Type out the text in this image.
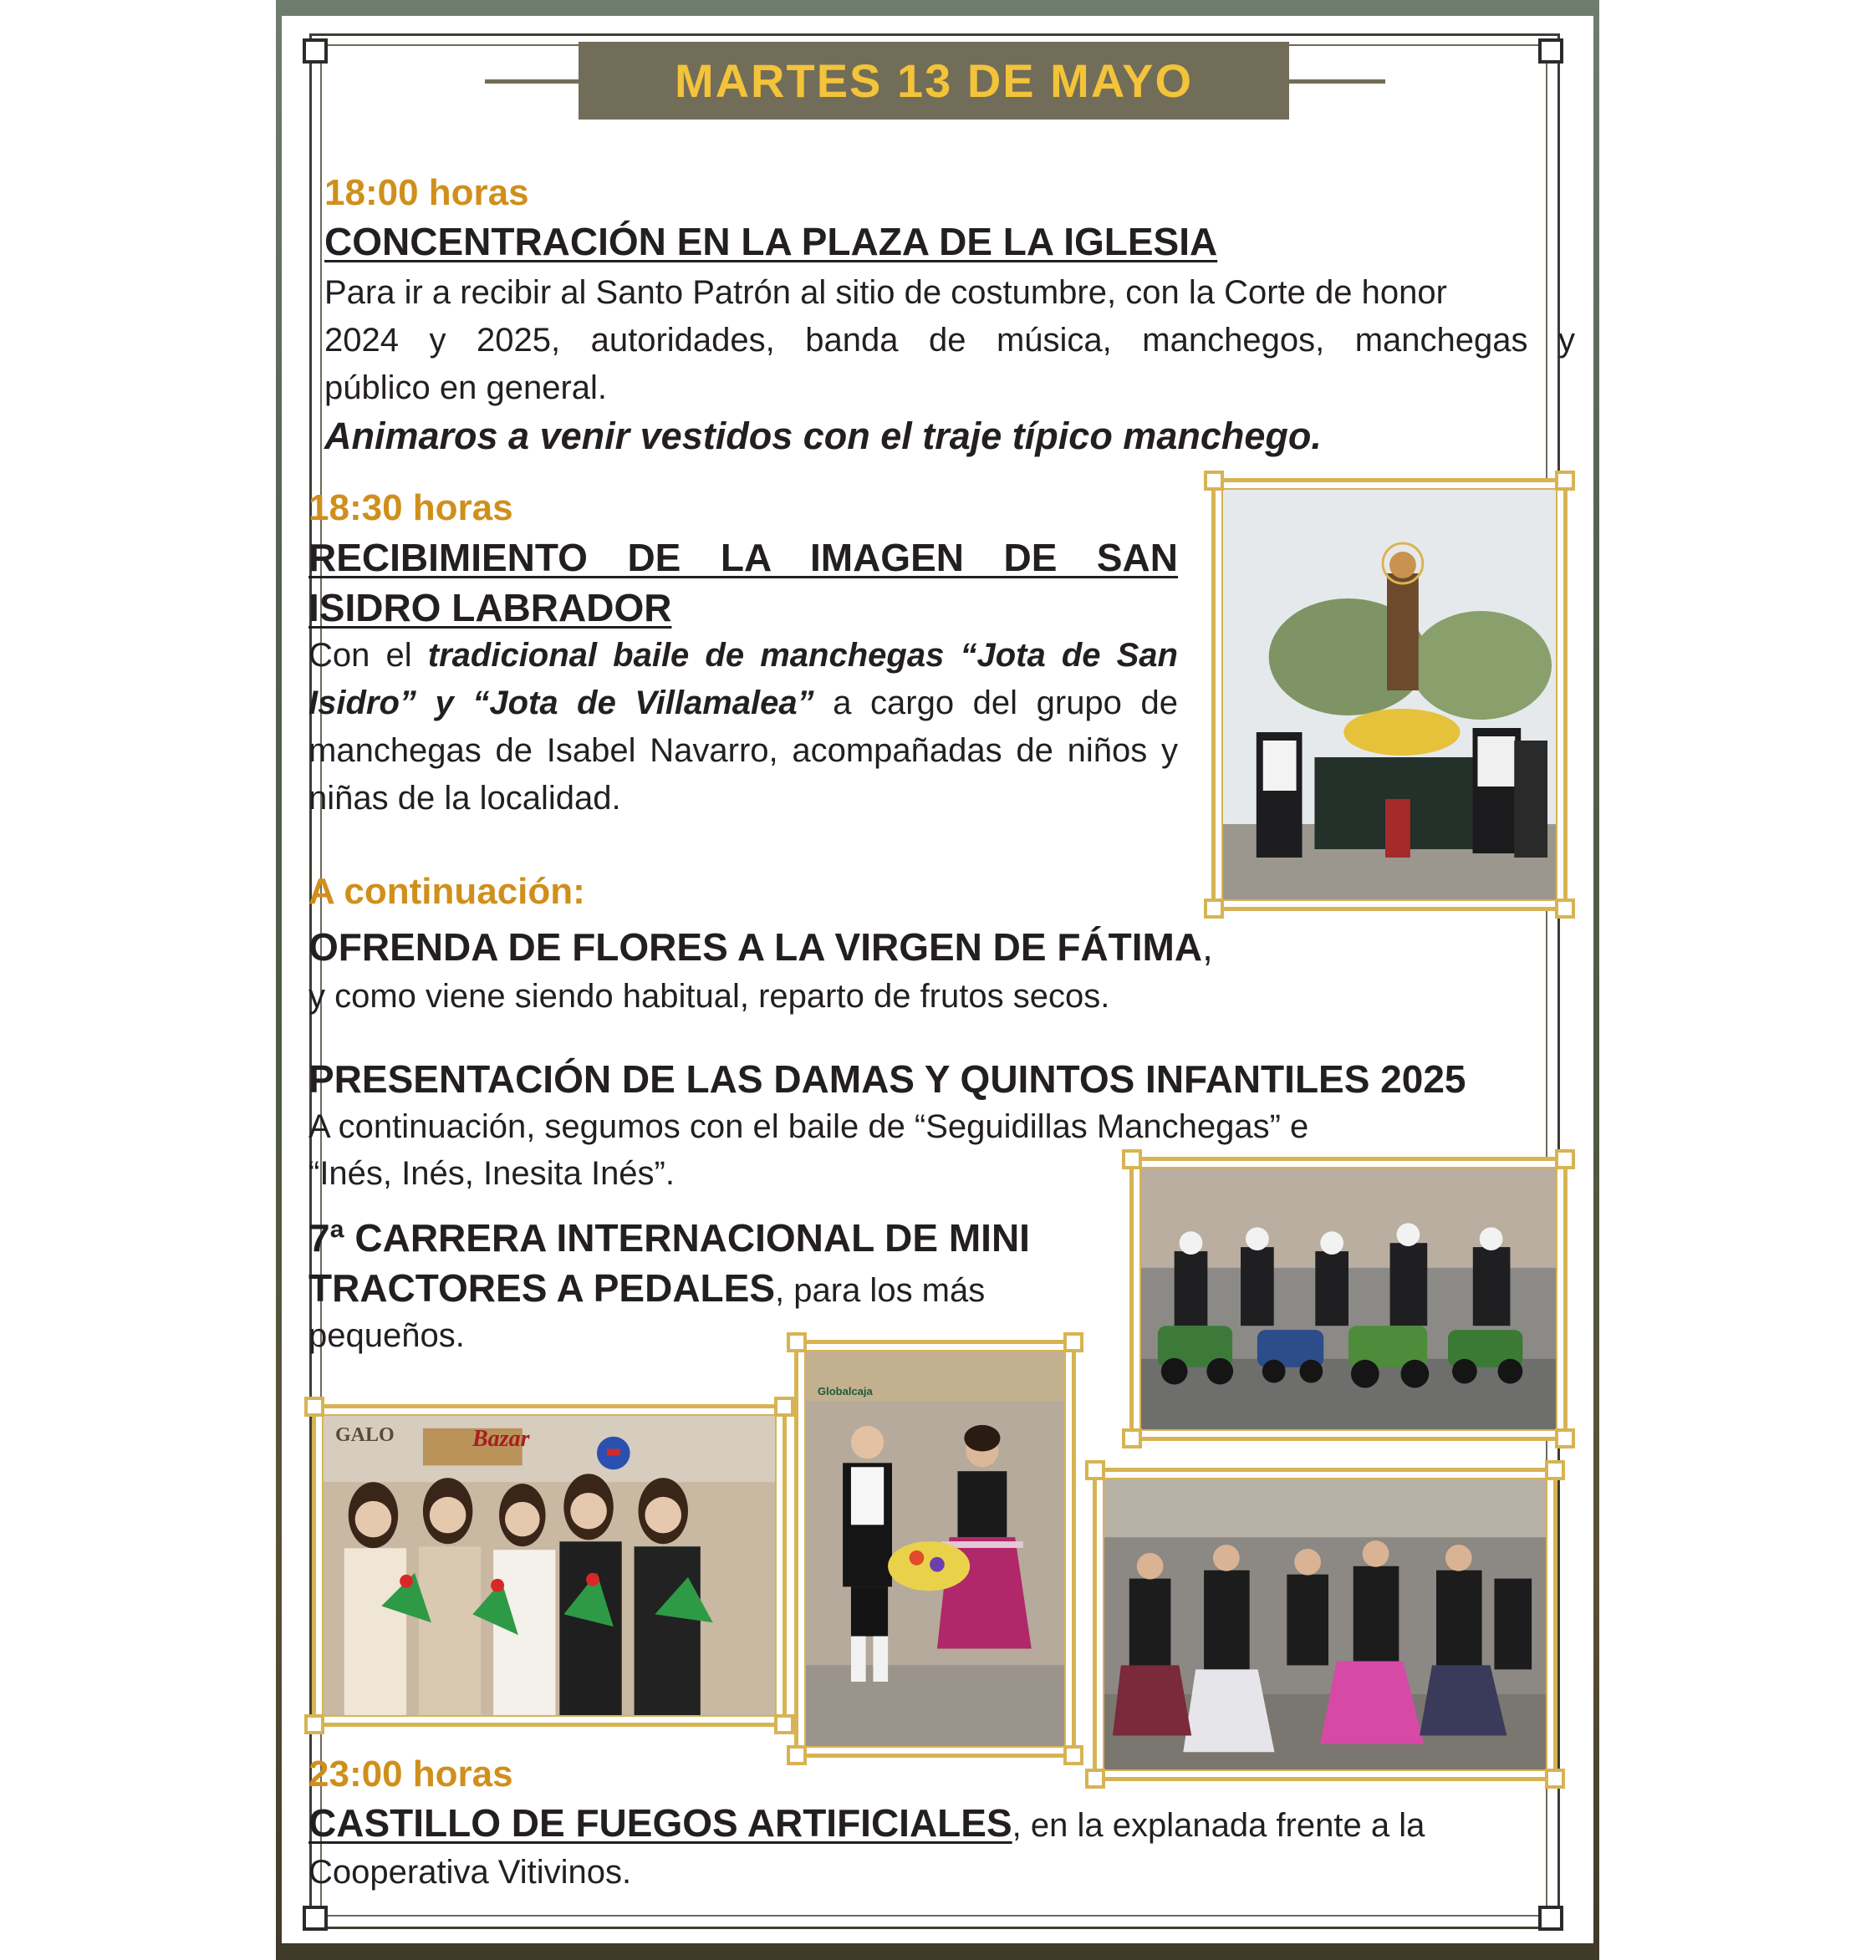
MARTES 13 DE MAYO
18:00 horas
CONCENTRACIÓN EN LA PLAZA DE LA IGLESIA
Para ir a recibir al Santo Patrón al sitio de costumbre, con la Corte de honor
2024 y 2025, autoridades, banda de música, manchegos, manchegas y
público en general.
Animaros a venir vestidos con el traje típico manchego.
18:30 horas
RECIBIMIENTO DE LA IMAGEN DE SAN
ISIDRO LABRADOR
Con el tradicional baile de manchegas “Jota de San Isidro” y “Jota de Villamalea” a cargo del grupo de manchegas de Isabel Navarro, acompañadas de niños y niñas de la localidad.
A continuación:
OFRENDA DE FLORES A LA VIRGEN DE FÁTIMA,
y como viene siendo habitual, reparto de frutos secos.
PRESENTACIÓN DE LAS DAMAS Y QUINTOS INFANTILES 2025
A continuación, segumos con el baile de “Seguidillas Manchegas” e
“Inés, Inés, Inesita Inés”.
7ª CARRERA INTERNACIONAL DE MINI
TRACTORES A PEDALES, para los más
pequeños.
GALO	Bazar
Globalcaja
23:00 horas
CASTILLO DE FUEGOS ARTIFICIALES, en la explanada frente a la
Cooperativa Vitivinos.
